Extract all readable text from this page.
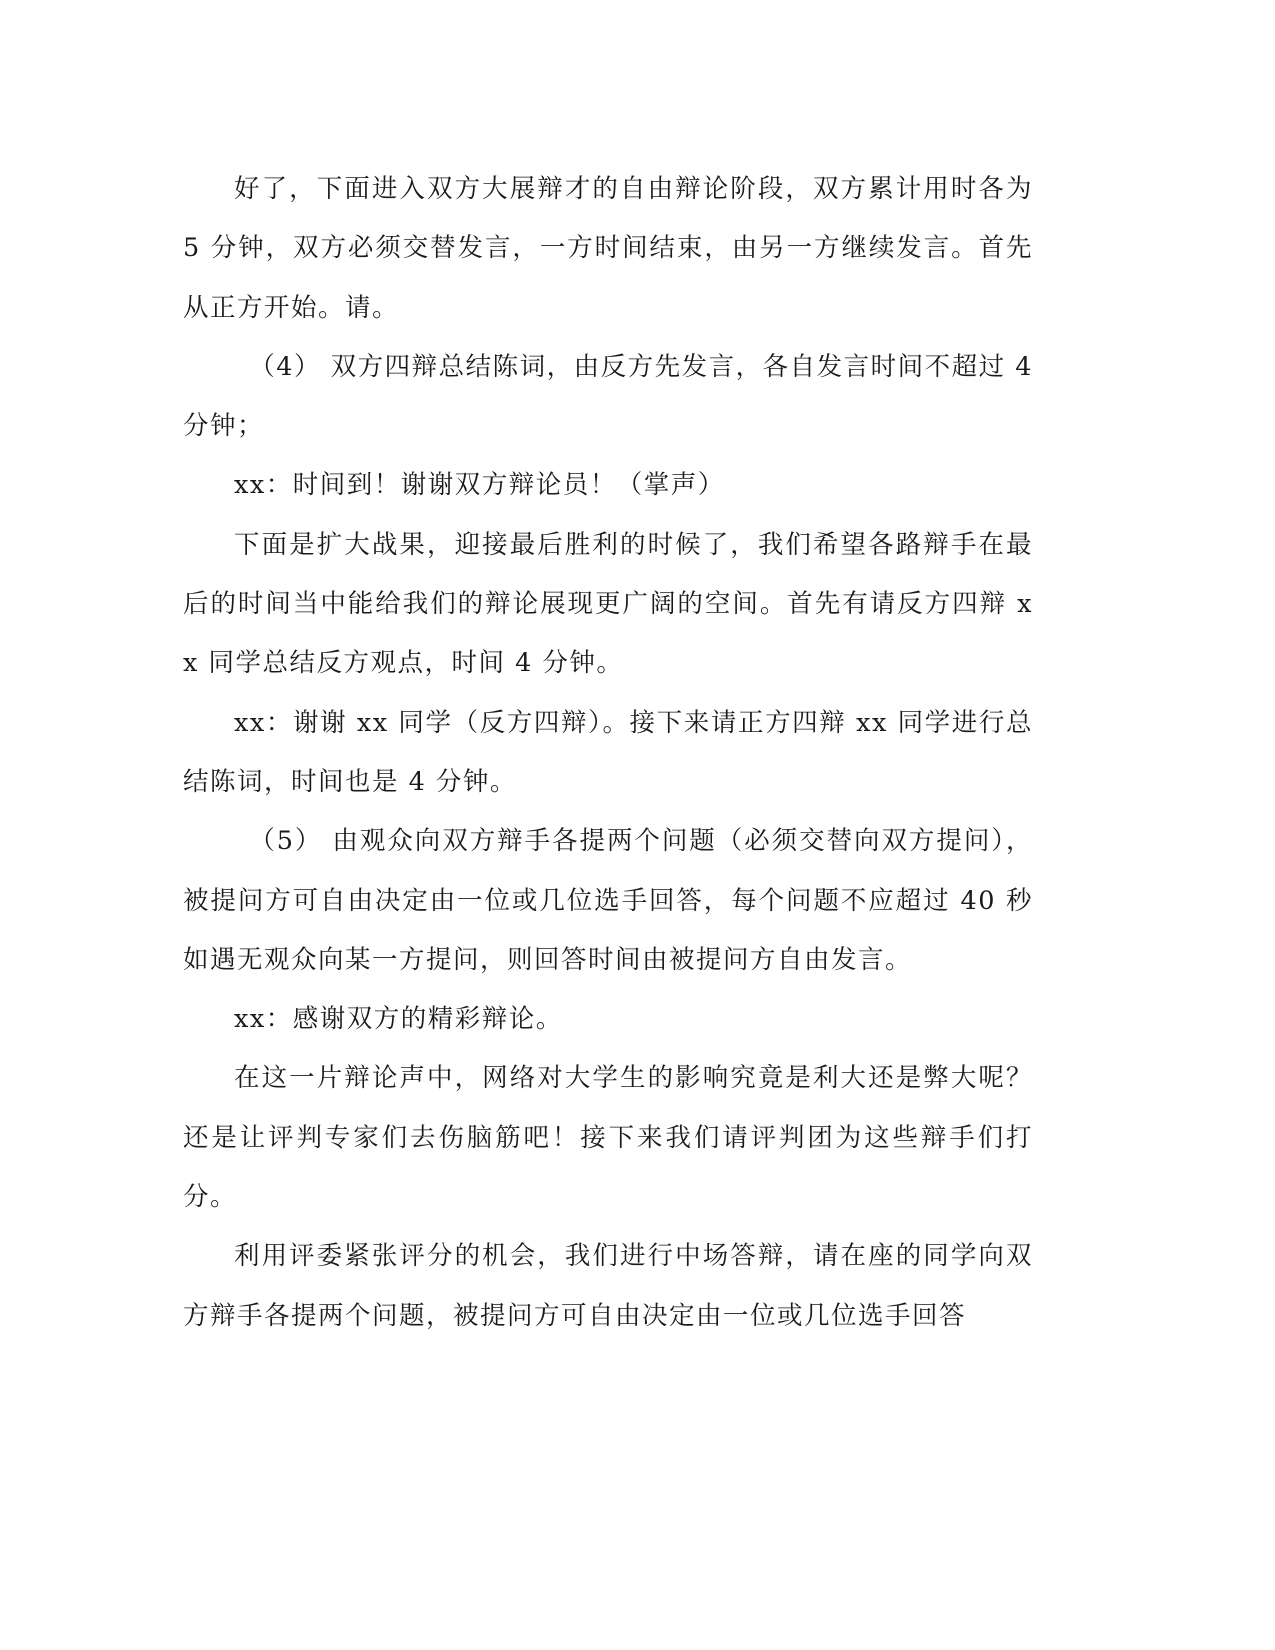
好了，下面进入双方大展辩才的自由辩论阶段，双方累计用时各为 5 分钟，双方必须交替发言，一方时间结束，由另一方继续发言。首先从正方开始。请。

（4） 双方四辩总结陈词，由反方先发言，各自发言时间不超过 4 分钟；

xx：时间到！谢谢双方辩论员！（掌声）

下面是扩大战果，迎接最后胜利的时候了，我们希望各路辩手在最后的时间当中能给我们的辩论展现更广阔的空间。首先有请反方四辩 xx 同学总结反方观点，时间 4 分钟。

xx：谢谢 xx 同学（反方四辩）。接下来请正方四辩 xx 同学进行总结陈词，时间也是 4 分钟。

（5） 由观众向双方辩手各提两个问题（必须交替向双方提问），被提问方可自由决定由一位或几位选手回答，每个问题不应超过 40 秒如遇无观众向某一方提问，则回答时间由被提问方自由发言。

xx：感谢双方的精彩辩论。

在这一片辩论声中，网络对大学生的影响究竟是利大还是弊大呢？还是让评判专家们去伤脑筋吧！接下来我们请评判团为这些辩手们打分。

利用评委紧张评分的机会，我们进行中场答辩，请在座的同学向双方辩手各提两个问题，被提问方可自由决定由一位或几位选手回答
